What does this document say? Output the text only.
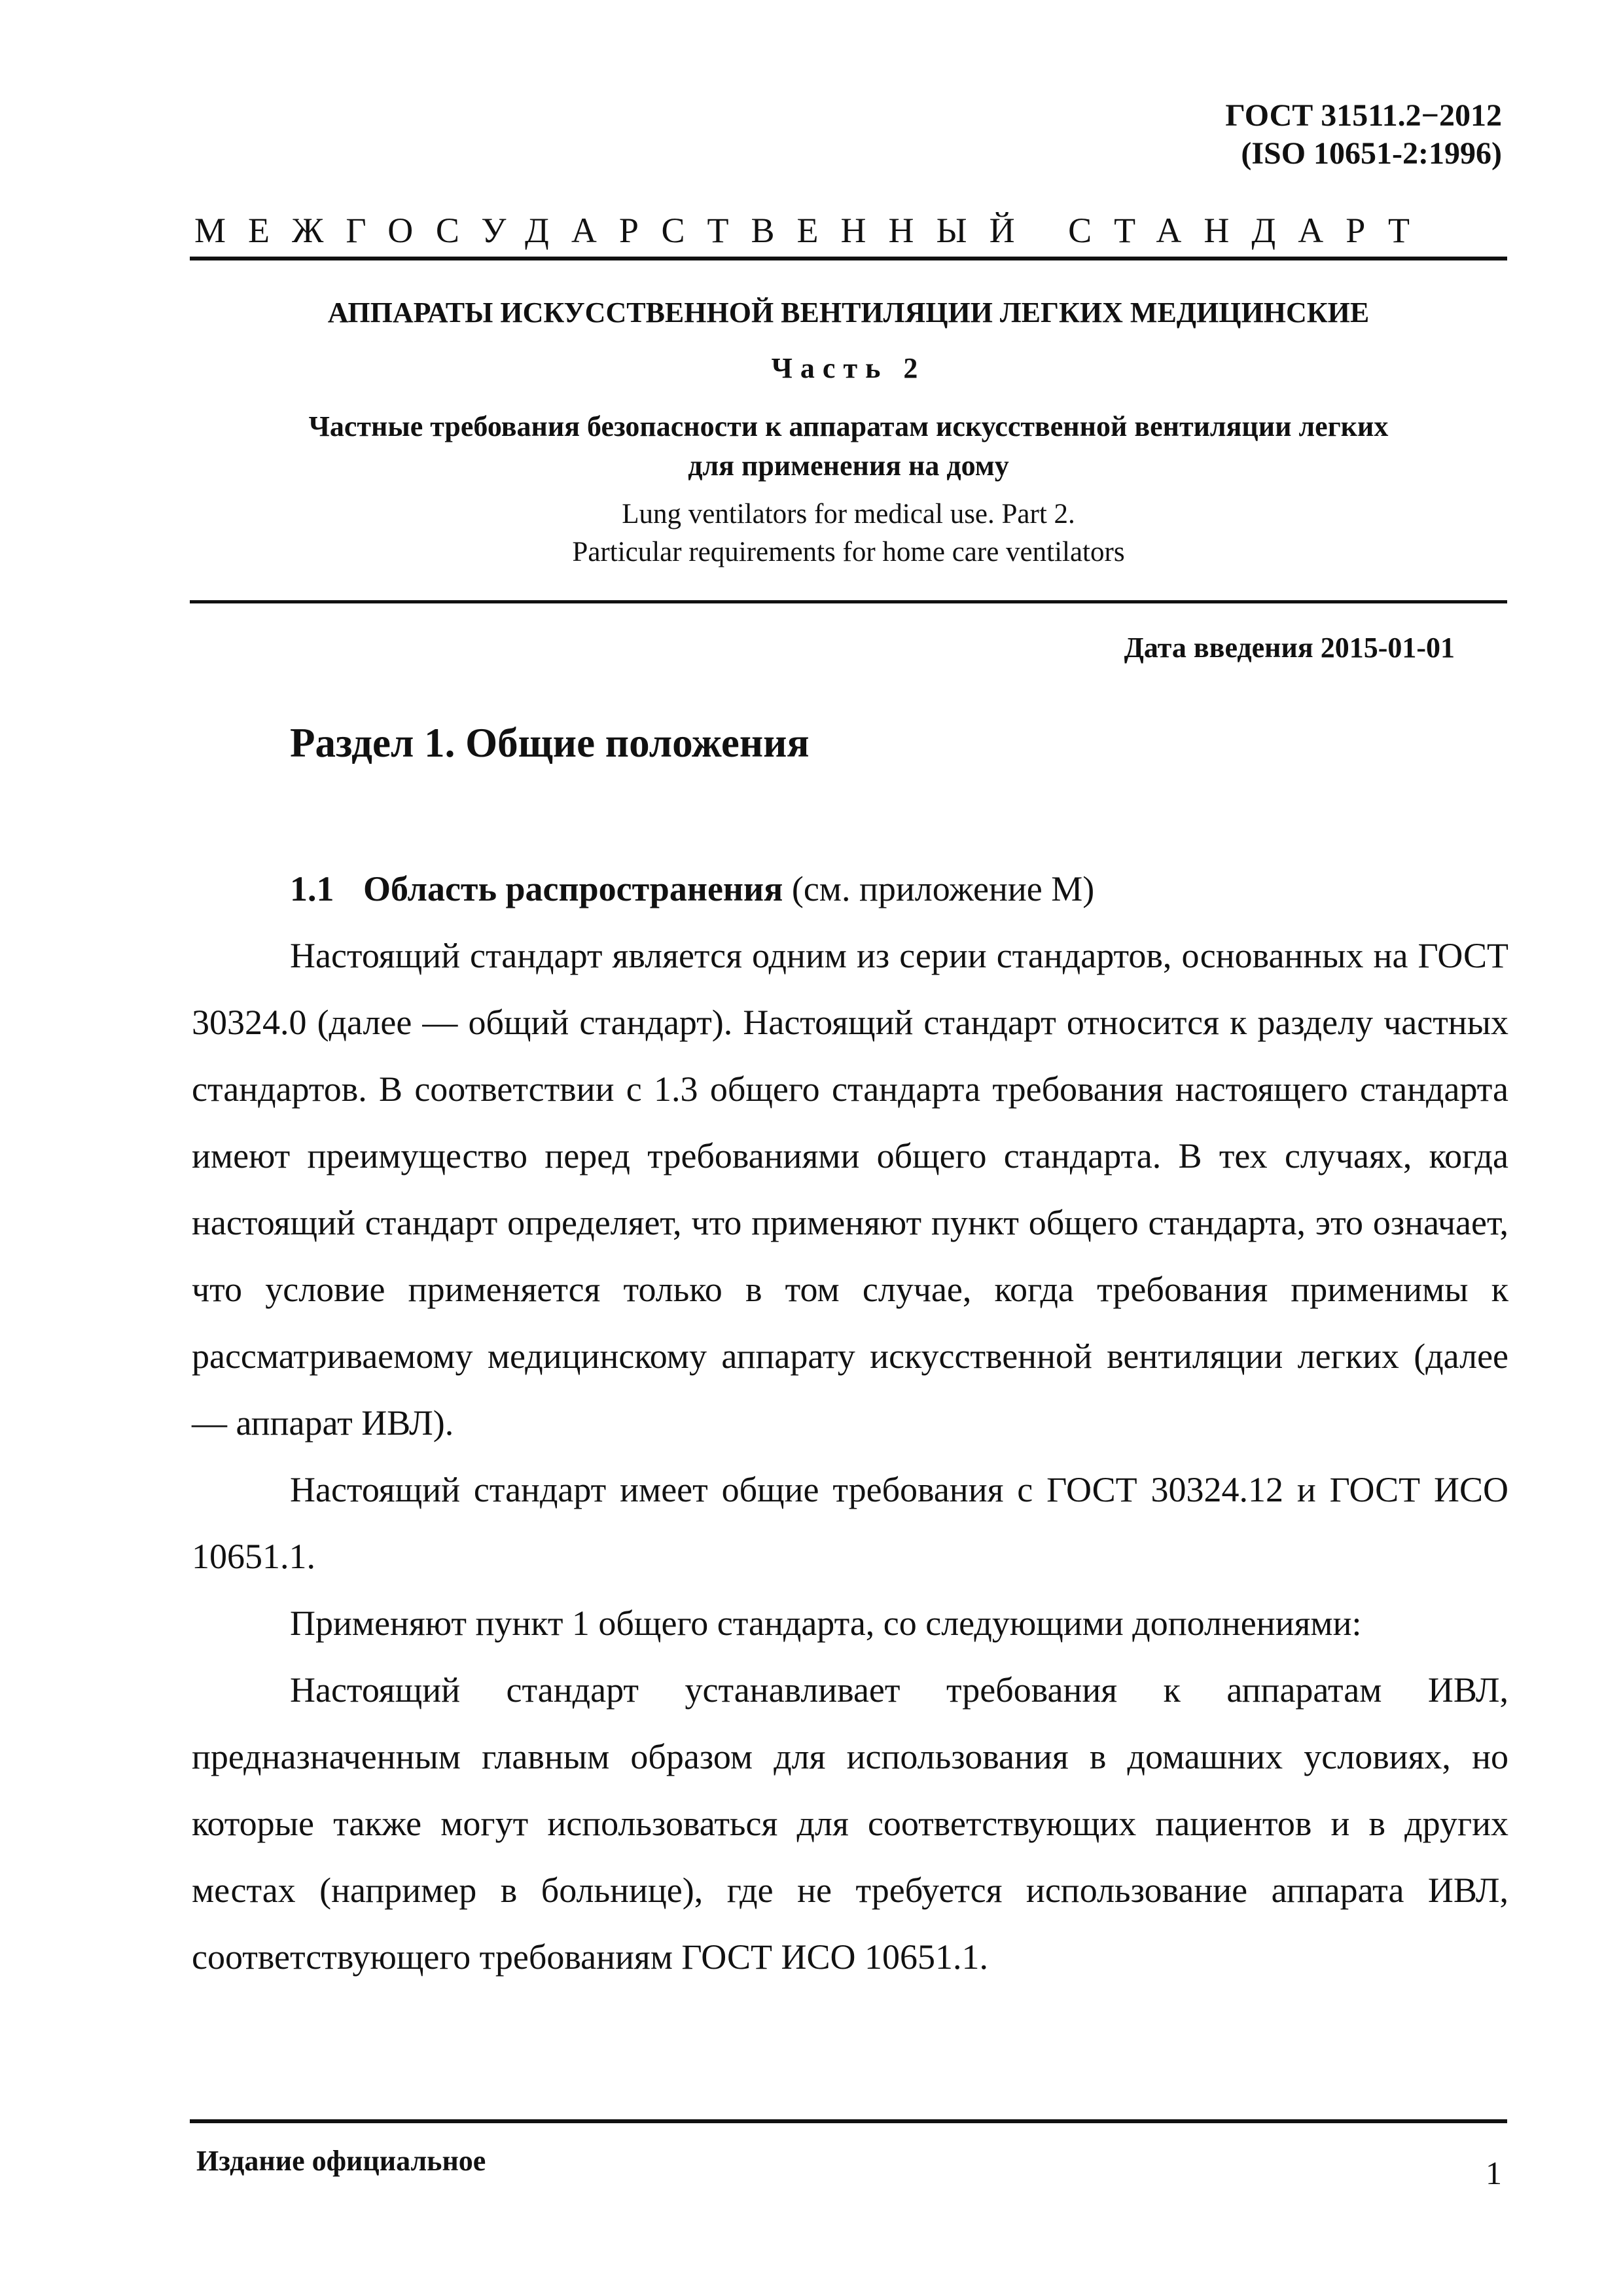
ГОСТ 31511.2−2012
(ISO 10651-2:1996)
МЕЖГОСУДАРСТВЕННЫЙ СТАНДАРТ
АППАРАТЫ ИСКУССТВЕННОЙ ВЕНТИЛЯЦИИ ЛЕГКИХ МЕДИЦИНСКИЕ
Часть 2
Частные требования безопасности к аппаратам искусственной вентиляции легких
для применения на дому
Lung ventilators for medical use. Part 2.
Particular requirements for home care ventilators
Дата введения 2015-01-01
Раздел 1. Общие положения
1.1 Область распространения (см. приложение М)

Настоящий стандарт является одним из серии стандартов, основанных на ГОСТ 30324.0 (далее — общий стандарт). Настоящий стандарт относится к разделу частных стандартов. В соответствии с 1.3 общего стандарта требования настоящего стандарта имеют преимущество перед требованиями общего стандарта. В тех случаях, когда настоящий стандарт определяет, что применяют пункт общего стандарта, это означает, что условие применяется только в том случае, когда требования применимы к рассматриваемому медицинскому аппарату искусственной вентиляции легких (далее — аппарат ИВЛ).

Настоящий стандарт имеет общие требования с ГОСТ 30324.12 и ГОСТ ИСО 10651.1.

Применяют пункт 1 общего стандарта, со следующими дополнениями:

Настоящий стандарт устанавливает требования к аппаратам ИВЛ, предназначенным главным образом для использования в домашних условиях, но которые также могут использоваться для соответствующих пациентов и в других местах (например в больнице), где не требуется использование аппарата ИВЛ, соответствующего требованиям ГОСТ ИСО 10651.1.

Издание официальное	1
